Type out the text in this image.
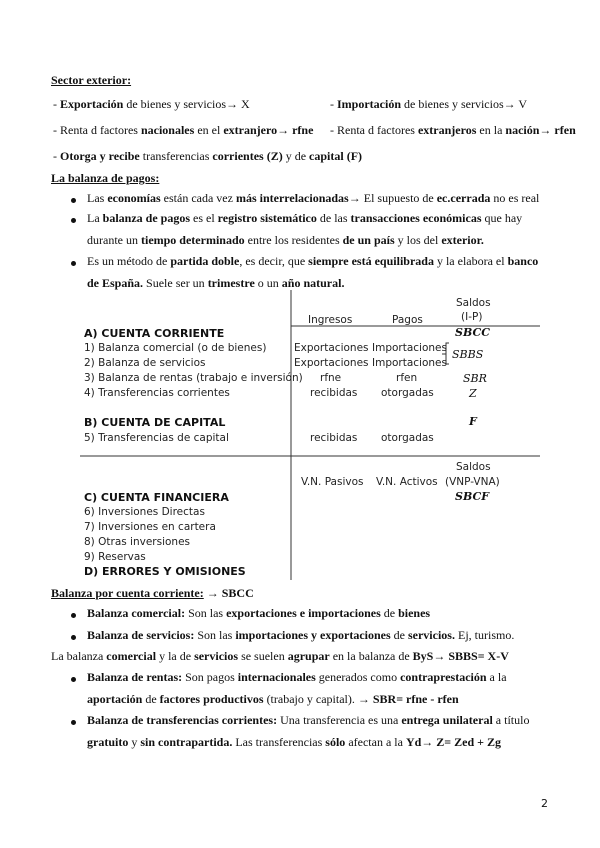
Sector exterior:
- Exportación de bienes y servicios→ X	- Importación de bienes y servicios→ V
- Renta d factores nacionales en el extranjero→ rfne - Renta d factores extranjeros en la nación→ rfen
- Otorga y recibe transferencias corrientes (Z) y de capital (F)
La balanza de pagos:
Las economías están cada vez más interrelacionadas→ El supuesto de ec.cerrada no es real
La balanza de pagos es el registro sistemático de las transacciones económicas que hay
durante un tiempo determinado entre los residentes de un país y los del exterior.
Es un método de partida doble, es decir, que siempre está equilibrada y la elabora el banco
de España. Suele ser un trimestre o un año natural.
Ingresos	Pagos
Saldos
(I-P)
A) CUENTA CORRIENTE	SBCC
1) Balanza comercial (o de bienes)	Exportaciones Importaciones
2) Balanza de servicios	Exportaciones Importaciones
SBBS
3) Balanza de rentas (trabajo e inversión) rfne	rfen	SBR
4) Transferencias corrientes	recibidas otorgadas	Z
B) CUENTA DE CAPITAL	F
5) Transferencias de capital	recibidas otorgadas
Saldos
V.N. Pasivos V.N. Activos (VNP-VNA)
C) CUENTA FINANCIERA	SBCF
6) Inversiones Directas
7) Inversiones en cartera
8) Otras inversiones
9) Reservas
D) ERRORES Y OMISIONES
Balanza por cuenta corriente: → SBCC
Balanza comercial: Son las exportaciones e importaciones de bienes
Balanza de servicios: Son las importaciones y exportaciones de servicios. Ej, turismo.
La balanza comercial y la de servicios se suelen agrupar en la balanza de ByS→ SBBS= X-V
Balanza de rentas: Son pagos internacionales generados como contraprestación a la
aportación de factores productivos (trabajo y capital). → SBR= rfne - rfen
Balanza de transferencias corrientes: Una transferencia es una entrega unilateral a título
gratuito y sin contrapartida. Las transferencias sólo afectan a la Yd→ Z= Zed + Zg
2
